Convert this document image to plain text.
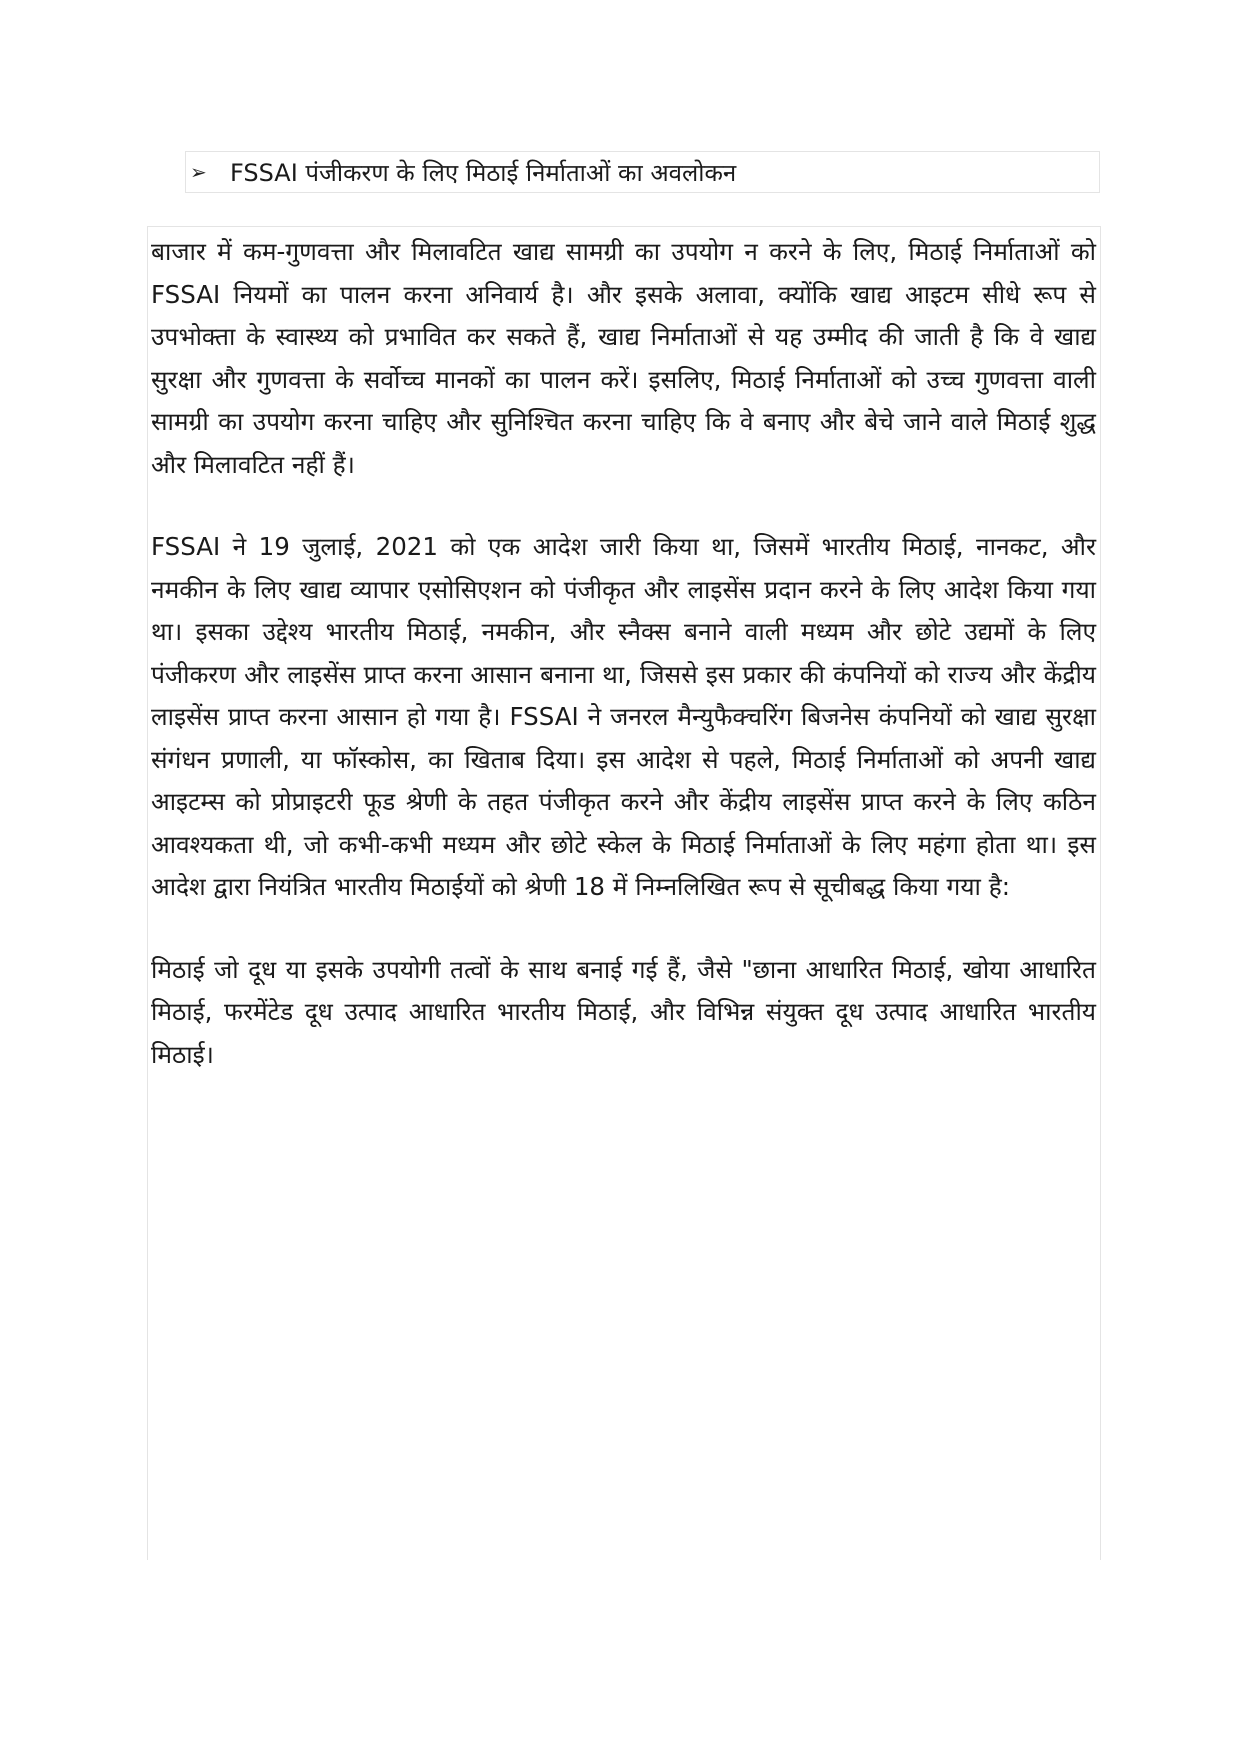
➢ FSSAI पंजीकरण के लिए मिठाई निर्माताओं का अवलोकन

बाजार में कम-गुणवत्ता और मिलावटित खाद्य सामग्री का उपयोग न करने के लिए, मिठाई निर्माताओं को FSSAI नियमों का पालन करना अनिवार्य है। और इसके अलावा, क्योंकि खाद्य आइटम सीधे रूप से उपभोक्ता के स्वास्थ्य को प्रभावित कर सकते हैं, खाद्य निर्माताओं से यह उम्मीद की जाती है कि वे खाद्य सुरक्षा और गुणवत्ता के सर्वोच्च मानकों का पालन करें। इसलिए, मिठाई निर्माताओं को उच्च गुणवत्ता वाली सामग्री का उपयोग करना चाहिए और सुनिश्चित करना चाहिए कि वे बनाए और बेचे जाने वाले मिठाई शुद्ध और मिलावटित नहीं हैं।

FSSAI ने 19 जुलाई, 2021 को एक आदेश जारी किया था, जिसमें भारतीय मिठाई, नानकट, और नमकीन के लिए खाद्य व्यापार एसोसिएशन को पंजीकृत और लाइसेंस प्रदान करने के लिए आदेश किया गया था। इसका उद्देश्य भारतीय मिठाई, नमकीन, और स्नैक्स बनाने वाली मध्यम और छोटे उद्यमों के लिए पंजीकरण और लाइसेंस प्राप्त करना आसान बनाना था, जिससे इस प्रकार की कंपनियों को राज्य और केंद्रीय लाइसेंस प्राप्त करना आसान हो गया है। FSSAI ने जनरल मैन्युफैक्चरिंग बिजनेस कंपनियों को खाद्य सुरक्षा संगंधन प्रणाली, या फॉस्कोस, का खिताब दिया। इस आदेश से पहले, मिठाई निर्माताओं को अपनी खाद्य आइटम्स को प्रोप्राइटरी फूड श्रेणी के तहत पंजीकृत करने और केंद्रीय लाइसेंस प्राप्त करने के लिए कठिन आवश्यकता थी, जो कभी-कभी मध्यम और छोटे स्केल के मिठाई निर्माताओं के लिए महंगा होता था। इस आदेश द्वारा नियंत्रित भारतीय मिठाईयों को श्रेणी 18 में निम्नलिखित रूप से सूचीबद्ध किया गया है:

मिठाई जो दूध या इसके उपयोगी तत्वों के साथ बनाई गई हैं, जैसे "छाना आधारित मिठाई, खोया आधारित मिठाई, फरमेंटेड दूध उत्पाद आधारित भारतीय मिठाई, और विभिन्न संयुक्त दूध उत्पाद आधारित भारतीय मिठाई।
